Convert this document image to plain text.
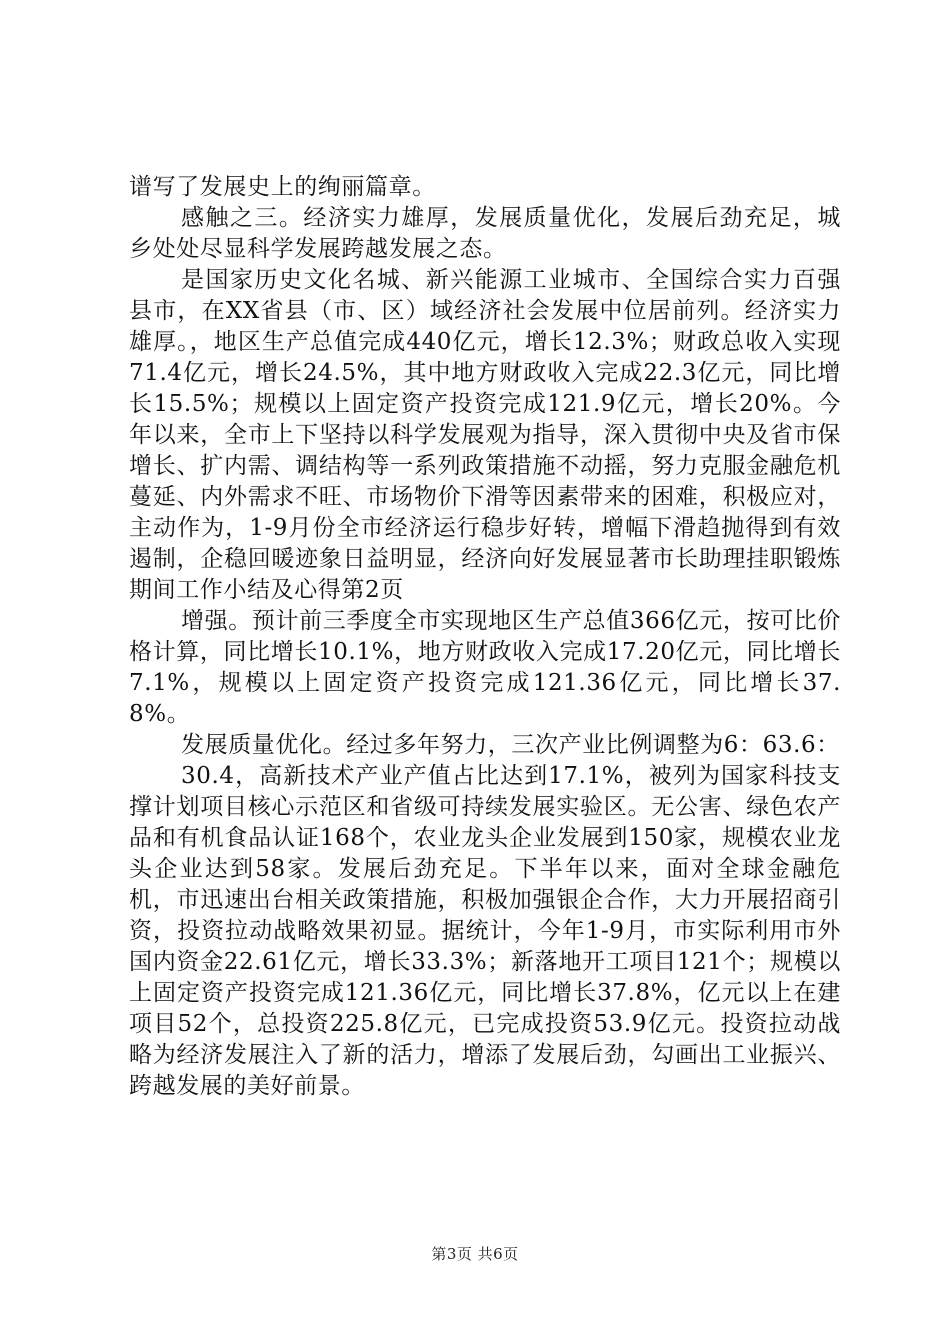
谱写了发展史上的绚丽篇章。

感触之三。经济实力雄厚，发展质量优化，发展后劲充足，城乡处处尽显科学发展跨越发展之态。

是国家历史文化名城、新兴能源工业城市、全国综合实力百强县市，在XX省县（市、区）域经济社会发展中位居前列。经济实力雄厚。，地区生产总值完成440亿元，增长12.3%；财政总收入实现71.4亿元，增长24.5%，其中地方财政收入完成22.3亿元，同比增长15.5%；规模以上固定资产投资完成121.9亿元，增长20%。今年以来，全市上下坚持以科学发展观为指导，深入贯彻中央及省市保增长、扩内需、调结构等一系列政策措施不动摇，努力克服金融危机蔓延、内外需求不旺、市场物价下滑等因素带来的困难，积极应对，主动作为，1-9月份全市经济运行稳步好转，增幅下滑趋抛得到有效遏制，企稳回暖迹象日益明显，经济向好发展显著市长助理挂职锻炼期间工作小结及心得第2页

增强。预计前三季度全市实现地区生产总值366亿元，按可比价格计算，同比增长10.1%，地方财政收入完成17.20亿元，同比增长7.1%，规模以上固定资产投资完成121.36亿元，同比增长37.8%。

发展质量优化。经过多年努力，三次产业比例调整为6：63.6：

30.4，高新技术产业产值占比达到17.1%，被列为国家科技支撑计划项目核心示范区和省级可持续发展实验区。无公害、绿色农产品和有机食品认证168个，农业龙头企业发展到150家，规模农业龙头企业达到58家。发展后劲充足。下半年以来，面对全球金融危机，市迅速出台相关政策措施，积极加强银企合作，大力开展招商引资，投资拉动战略效果初显。据统计，今年1-9月，市实际利用市外国内资金22.61亿元，增长33.3%；新落地开工项目121个；规模以上固定资产投资完成121.36亿元，同比增长37.8%，亿元以上在建项目52个，总投资225.8亿元，已完成投资53.9亿元。投资拉动战略为经济发展注入了新的活力，增添了发展后劲，勾画出工业振兴、跨越发展的美好前景。

第3页 共6页
